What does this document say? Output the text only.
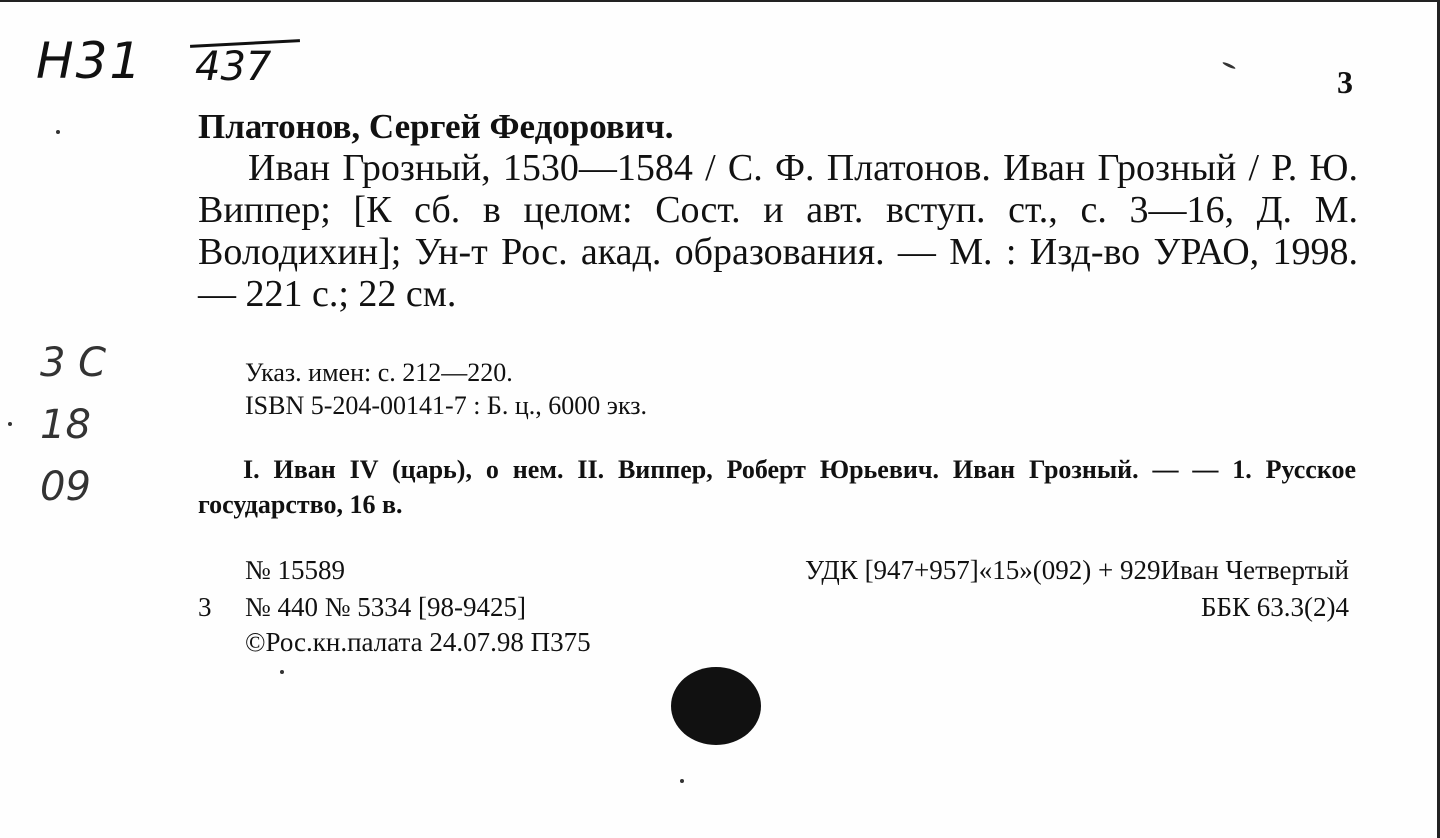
Н31 437
3 С
18
09
3
Платонов, Сергей Федорович.
Иван Грозный, 1530—1584 / С. Ф. Платонов. Иван Грозный / Р. Ю. Виппер; [К сб. в целом: Сост. и авт. вступ. ст., с. 3—16, Д. М. Володихин]; Ун-т Рос. акад. образования. — М. : Изд-во УРАО, 1998. — 221 с.; 22 см.
Указ. имен: с. 212—220.
ISBN 5-204-00141-7 : Б. ц., 6000 экз.
I. Иван IV (царь), о нем. II. Виппер, Роберт Юрьевич. Иван Грозный. — — 1. Русское государство, 16 в.
№ 15589	УДК [947+957]«15»(092) + 929Иван Четвертый
3 № 440 № 5334 [98-9425]	ББК 63.3(2)4
©Рос.кн.палата 24.07.98 П375
